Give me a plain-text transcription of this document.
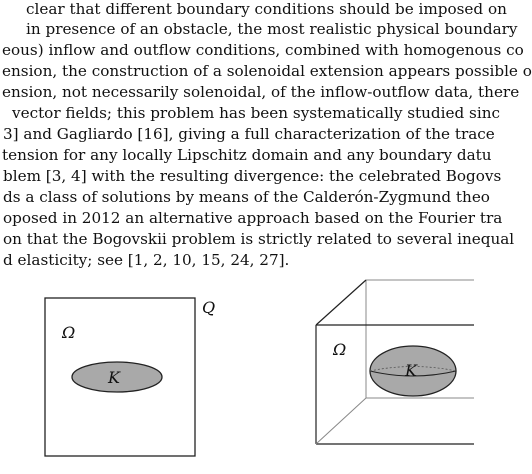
clear that different boundary conditions should be imposed on
in presence of an obstacle, the most realistic physical boundary
eous) inflow and outflow conditions, combined with homogenous co
ension, the construction of a solenoidal extension appears possible o
ension, not necessarily solenoidal, of the inflow-outflow data, there
vector fields; this problem has been systematically studied sinc
3] and Gagliardo [16], giving a full characterization of the trace
tension for any locally Lipschitz domain and any boundary datu
blem [3, 4] with the resulting divergence: the celebrated Bogovs
ds a class of solutions by means of the Calderón-Zygmund theo
oposed in 2012 an alternative approach based on the Fourier tra
on that the Bogovskii problem is strictly related to several inequal
d elasticity; see [1, 2, 10, 15, 24, 27].
Ω
K
Q
Ω
K
